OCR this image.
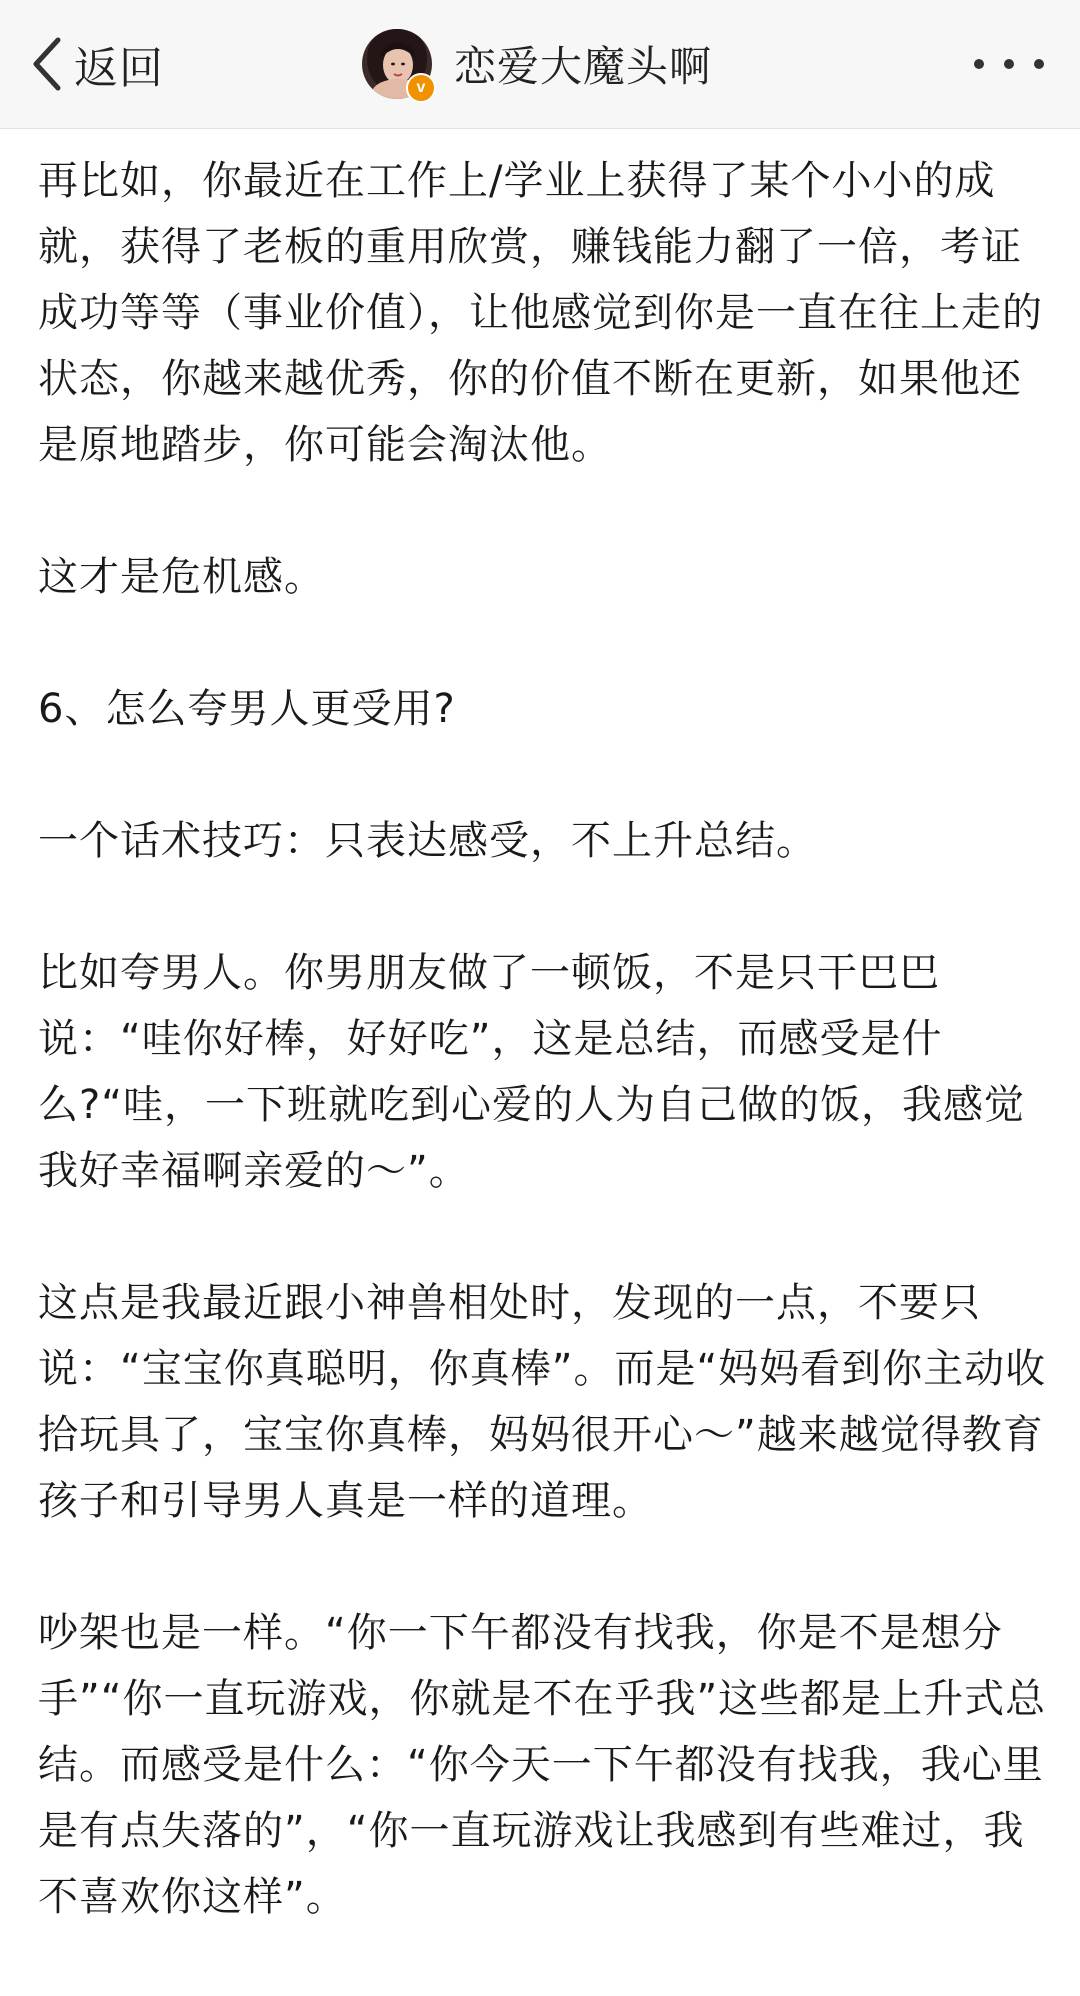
返回	v 恋爱大魔头啊

再比如，你最近在工作上/学业上获得了某个小小的成就，获得了老板的重用欣赏，赚钱能力翻了一倍，考证成功等等（事业价值），让他感觉到你是一直在往上走的状态，你越来越优秀，你的价值不断在更新，如果他还是原地踏步，你可能会淘汰他。

这才是危机感。

6、怎么夸男人更受用?

一个话术技巧：只表达感受，不上升总结。

比如夸男人。你男朋友做了一顿饭，不是只干巴巴说：“哇你好棒，好好吃”，这是总结，而感受是什么?“哇，一下班就吃到心爱的人为自己做的饭，我感觉我好幸福啊亲爱的～”。

这点是我最近跟小神兽相处时，发现的一点，不要只说：“宝宝你真聪明，你真棒”。而是“妈妈看到你主动收拾玩具了，宝宝你真棒，妈妈很开心～”越来越觉得教育孩子和引导男人真是一样的道理。

吵架也是一样。“你一下午都没有找我，你是不是想分手”“你一直玩游戏，你就是不在乎我”这些都是上升式总结。而感受是什么：“你今天一下午都没有找我，我心里是有点失落的”，“你一直玩游戏让我感到有些难过，我不喜欢你这样”。
